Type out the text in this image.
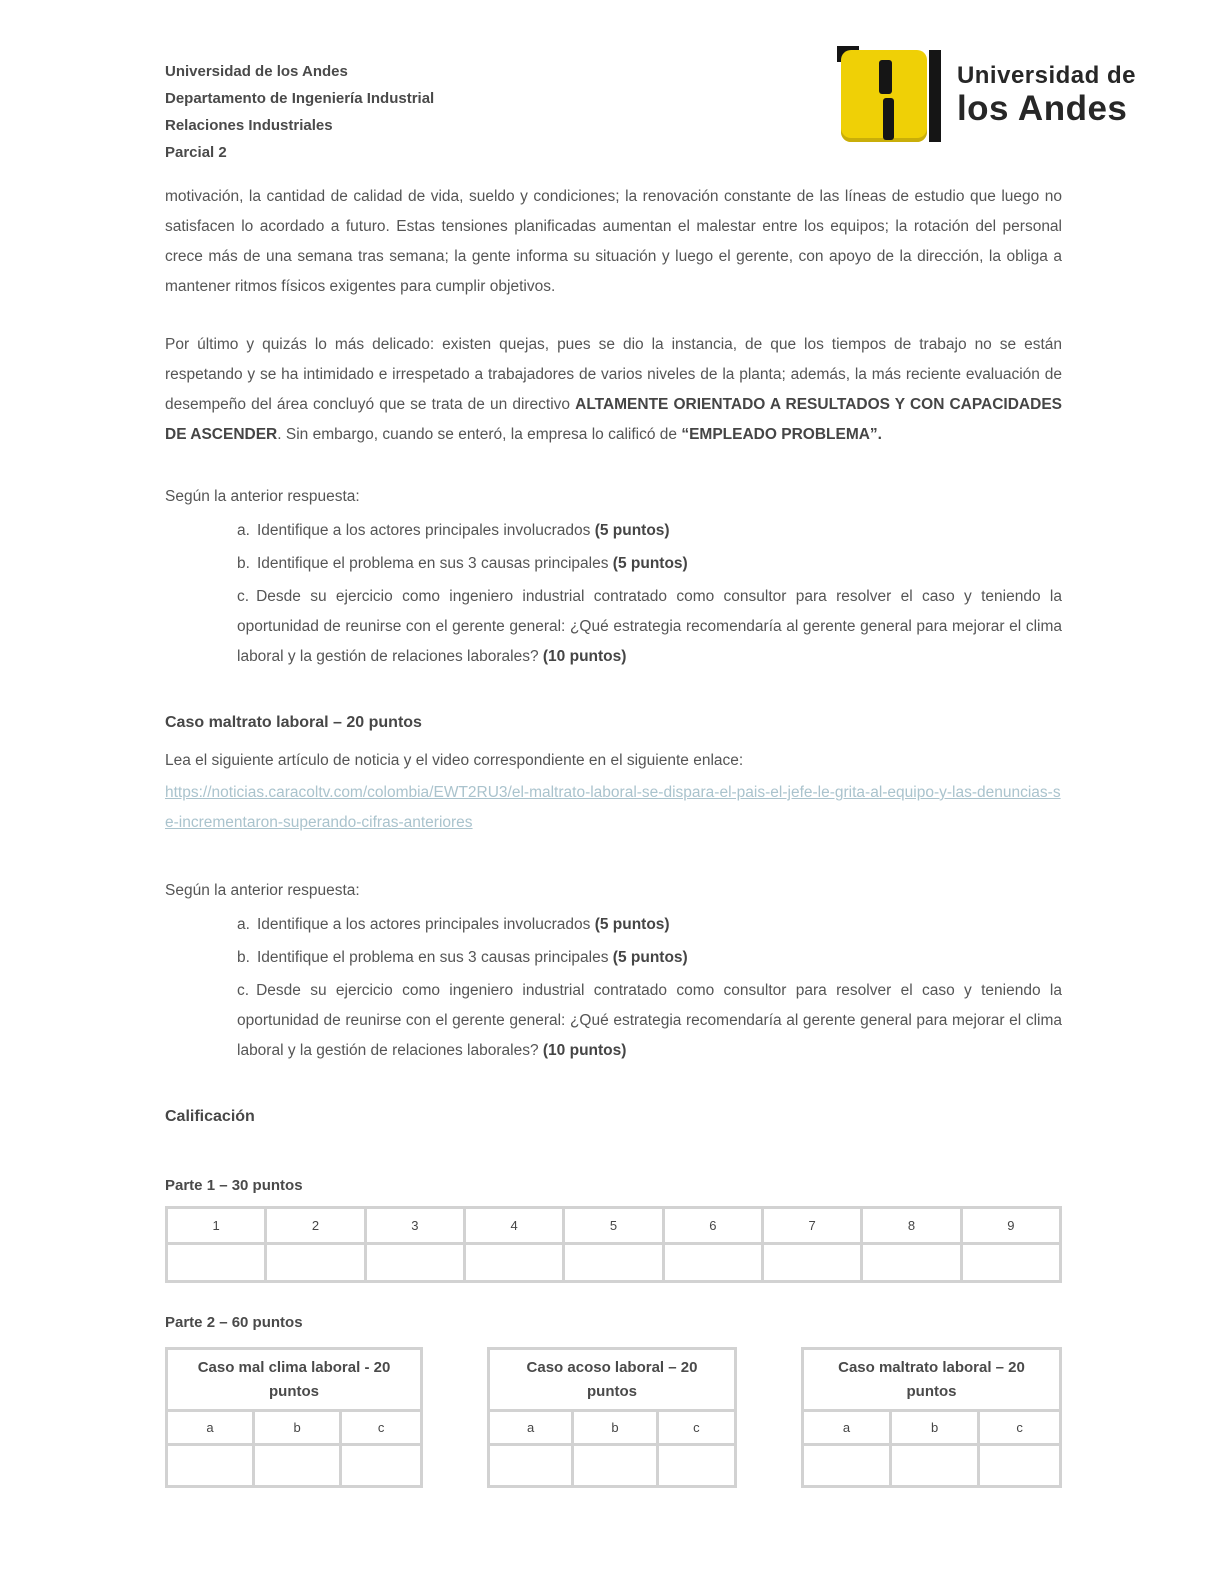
Universidad de los Andes
Departamento de Ingeniería Industrial
Relaciones Industriales
Parcial 2
Universidad de
los Andes

motivación, la cantidad de calidad de vida, sueldo y condiciones; la renovación constante de las líneas de estudio que luego no satisfacen lo acordado a futuro. Estas tensiones planificadas aumentan el malestar entre los equipos; la rotación del personal crece más de una semana tras semana; la gente informa su situación y luego el gerente, con apoyo de la dirección, la obliga a mantener ritmos físicos exigentes para cumplir objetivos.

Por último y quizás lo más delicado: existen quejas, pues se dio la instancia, de que los tiempos de trabajo no se están respetando y se ha intimidado e irrespetado a trabajadores de varios niveles de la planta; además, la más reciente evaluación de desempeño del área concluyó que se trata de un directivo ALTAMENTE ORIENTADO A RESULTADOS Y CON CAPACIDADES DE ASCENDER. Sin embargo, cuando se enteró, la empresa lo calificó de “EMPLEADO PROBLEMA”.

Según la anterior respuesta:
a. Identifique a los actores principales involucrados (5 puntos)
b. Identifique el problema en sus 3 causas principales (5 puntos)
c. Desde su ejercicio como ingeniero industrial contratado como consultor para resolver el caso y teniendo la oportunidad de reunirse con el gerente general: ¿Qué estrategia recomendaría al gerente general para mejorar el clima laboral y la gestión de relaciones laborales? (10 puntos)
Caso maltrato laboral – 20 puntos
Lea el siguiente artículo de noticia y el video correspondiente en el siguiente enlace:
https://noticias.caracoltv.com/colombia/EWT2RU3/el-maltrato-laboral-se-dispara-el-pais-el-jefe-le-grita-al-equipo-y-las-denuncias-se-incrementaron-superando-cifras-anteriores
Según la anterior respuesta:
a. Identifique a los actores principales involucrados (5 puntos)
b. Identifique el problema en sus 3 causas principales (5 puntos)
c. Desde su ejercicio como ingeniero industrial contratado como consultor para resolver el caso y teniendo la oportunidad de reunirse con el gerente general: ¿Qué estrategia recomendaría al gerente general para mejorar el clima laboral y la gestión de relaciones laborales? (10 puntos)
Calificación
Parte 1 – 30 puntos
1	2	3	4	5	6	7	8	9

Parte 2 – 60 puntos
Caso mal clima laboral - 20 puntos		
a	b	c

Caso acoso laboral – 20 puntos		
a	b	c

Caso maltrato laboral – 20 puntos		
a	b	c
